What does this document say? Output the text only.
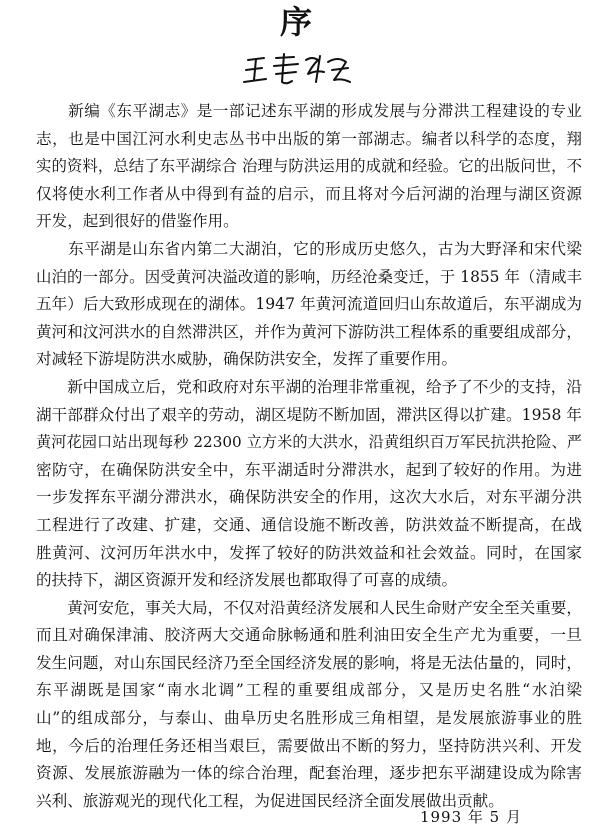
序
　　新编《东平湖志》是一部记述东平湖的形成发展与分滞洪工程建设的专业
志，也是中国江河水利史志丛书中出版的第一部湖志。编者以科学的态度，翔
实的资料，总结了东平湖综合 治理与防洪运用的成就和经验。它的出版问世，不
仅将使水利工作者从中得到有益的启示，而且将对今后河湖的治理与湖区资源
开发，起到很好的借鉴作用。
　　东平湖是山东省内第二大湖泊，它的形成历史悠久，古为大野泽和宋代梁
山泊的一部分。因受黄河决溢改道的影响，历经沧桑变迁，于 1855 年（清咸丰
五年）后大致形成现在的湖体。1947 年黄河流道回归山东故道后，东平湖成为
黄河和汶河洪水的自然滞洪区，并作为黄河下游防洪工程体系的重要组成部分，
对减轻下游堤防洪水威胁，确保防洪安全，发挥了重要作用。
　　新中国成立后，党和政府对东平湖的治理非常重视，给予了不少的支持，沿
湖干部群众付出了艰辛的劳动，湖区堤防不断加固，滞洪区得以扩建。1958 年
黄河花园口站出现每秒 22300 立方米的大洪水，沿黄组织百万军民抗洪抢险、严
密防守，在确保防洪安全中，东平湖适时分滞洪水，起到了较好的作用。为进
一步发挥东平湖分滞洪水，确保防洪安全的作用，这次大水后，对东平湖分洪
工程进行了改建、扩建，交通、通信设施不断改善，防洪效益不断提高，在战
胜黄河、汶河历年洪水中，发挥了较好的防洪效益和社会效益。同时，在国家
的扶持下，湖区资源开发和经济发展也都取得了可喜的成绩。
　　黄河安危，事关大局，不仅对沿黄经济发展和人民生命财产安全至关重要，
而且对确保津浦、胶济两大交通命脉畅通和胜利油田安全生产尤为重要，一旦
发生问题，对山东国民经济乃至全国经济发展的影响，将是无法估量的，同时，
东平湖既是国家“南水北调”工程的重要组成部分，又是历史名胜“水泊梁
山”的组成部分，与泰山、曲阜历史名胜形成三角相望，是发展旅游事业的胜
地，今后的治理任务还相当艰巨，需要做出不断的努力，坚持防洪兴利、开发
资源、发展旅游融为一体的综合治理，配套治理，逐步把东平湖建设成为除害
兴利、旅游观光的现代化工程，为促进国民经济全面发展做出贡献。
1993 年 5 月
